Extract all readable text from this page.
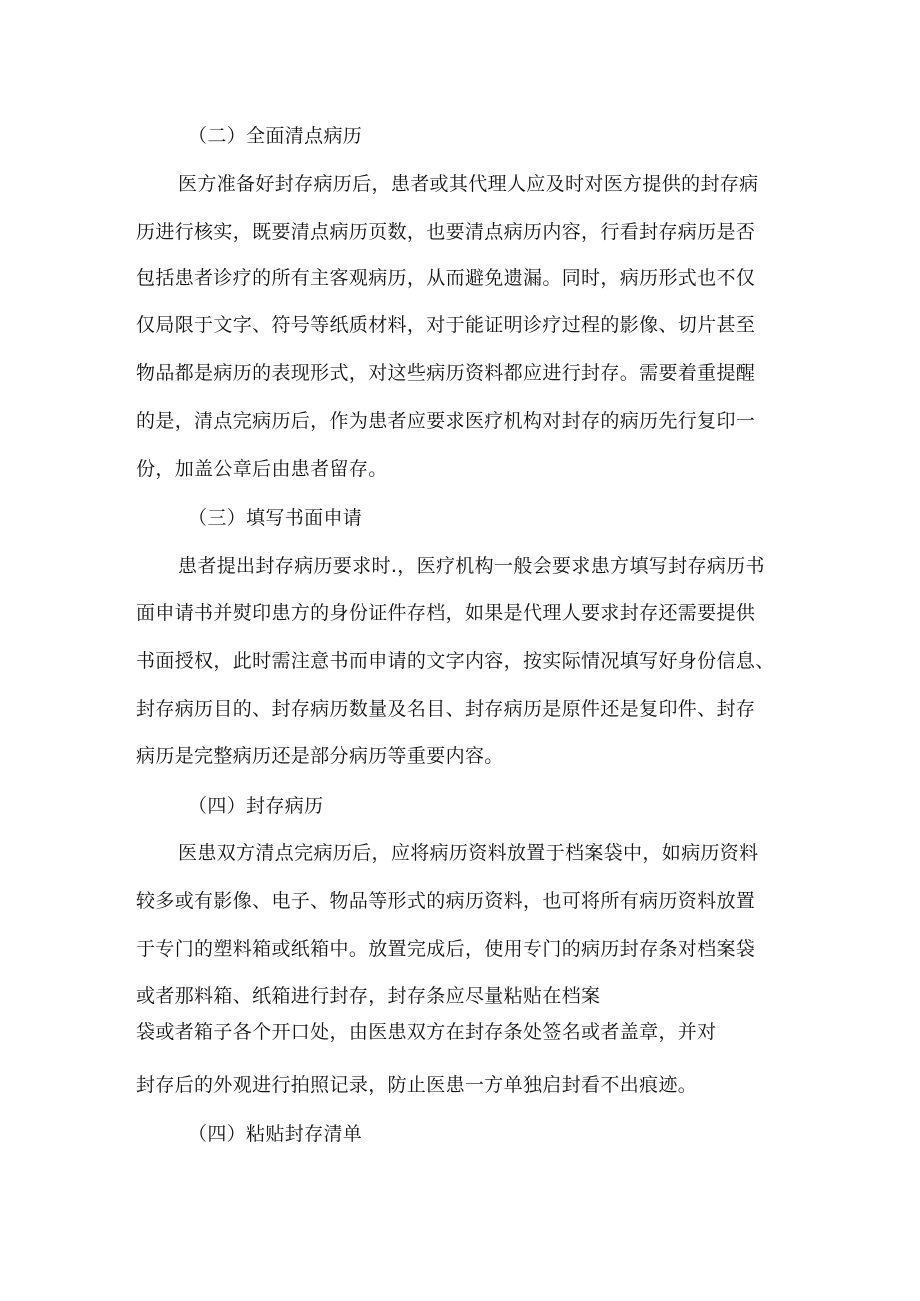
（二）全面清点病历
医方准备好封存病历后，患者或其代理人应及时对医方提供的封存病
历进行核实，既要清点病历页数，也要清点病历内容，行看封存病历是否
包括患者诊疗的所有主客观病历，从而避免遗漏。同时，病历形式也不仅
仅局限于文字、符号等纸质材料，对于能证明诊疗过程的影像、切片甚至
物品都是病历的表现形式，对这些病历资料都应进行封存。需要着重提醒
的是，清点完病历后，作为患者应要求医疗机构对封存的病历先行复印一
份，加盖公章后由患者留存。
（三）填写书面申请
患者提出封存病历要求时.，医疗机构一般会要求患方填写封存病历书
面申请书并熨印患方的身份证件存档，如果是代理人要求封存还需要提供
书面授权，此时需注意书而申请的文字内容，按实际情况填写好身份信息、
封存病历目的、封存病历数量及名目、封存病历是原件还是复印件、封存
病历是完整病历还是部分病历等重要内容。
（四）封存病历
医患双方清点完病历后，应将病历资料放置于档案袋中，如病历资料
较多或有影像、电子、物品等形式的病历资料，也可将所有病历资料放置
于专门的塑料箱或纸箱中。放置完成后，使用专门的病历封存条对档案袋
或者那料箱、纸箱进行封存，封存条应尽量粘贴在档案
袋或者箱子各个开口处，由医患双方在封存条处签名或者盖章，并对
封存后的外观进行拍照记录，防止医患一方单独启封看不出痕迹。
（四）粘贴封存清单
